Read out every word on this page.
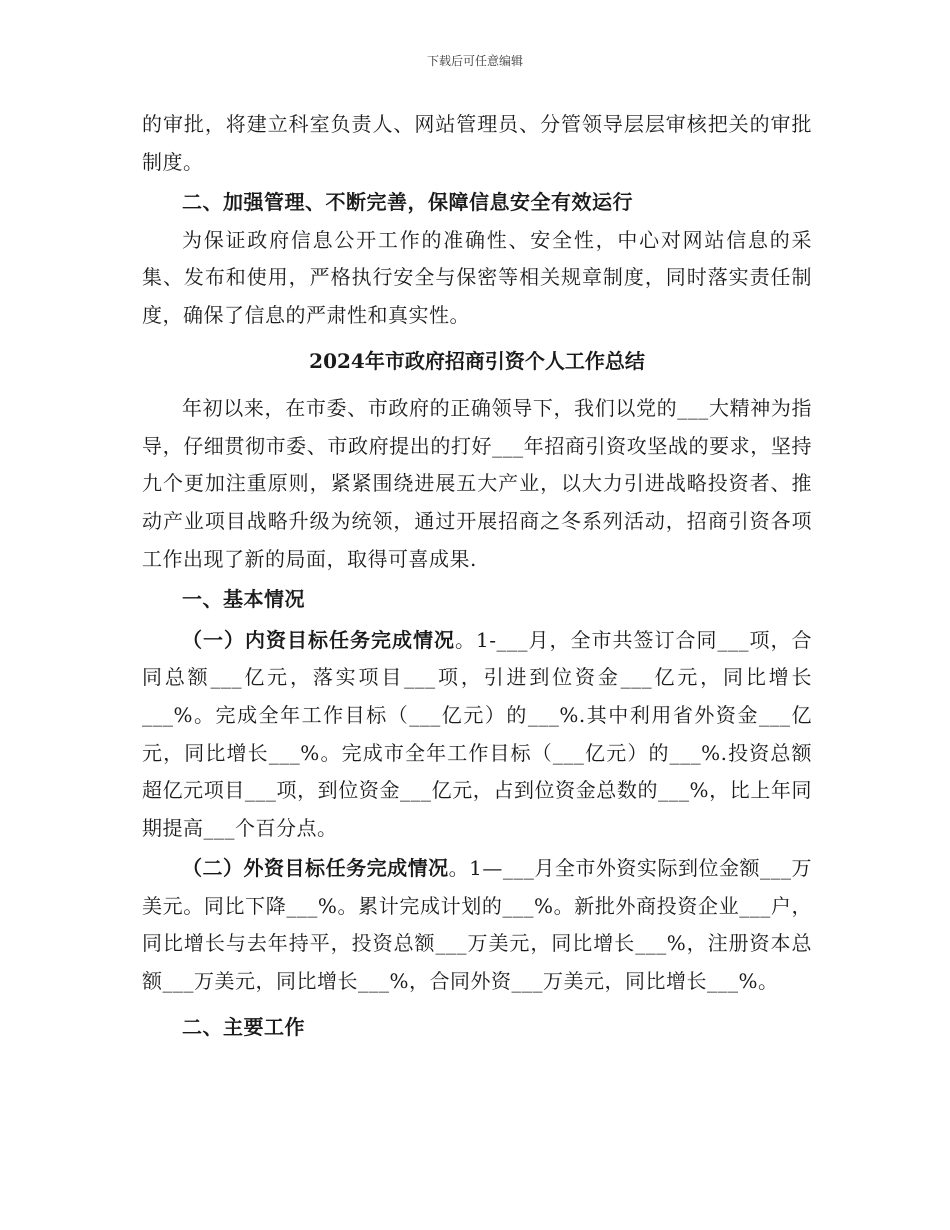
下载后可任意编辑

的审批，将建立科室负责人、网站管理员、分管领导层层审核把关的审批制度。

二、加强管理、不断完善，保障信息安全有效运行

为保证政府信息公开工作的准确性、安全性，中心对网站信息的采集、发布和使用，严格执行安全与保密等相关规章制度，同时落实责任制度，确保了信息的严肃性和真实性。

2024年市政府招商引资个人工作总结

年初以来，在市委、市政府的正确领导下，我们以党的___大精神为指导，仔细贯彻市委、市政府提出的打好___年招商引资攻坚战的要求，坚持九个更加注重原则，紧紧围绕进展五大产业，以大力引进战略投资者、推动产业项目战略升级为统领，通过开展招商之冬系列活动，招商引资各项工作出现了新的局面，取得可喜成果.

一、基本情况

（一）内资目标任务完成情况。1-___月，全市共签订合同___项，合同总额___亿元，落实项目___项，引进到位资金___亿元，同比增长___%。完成全年工作目标（___亿元）的___%.其中利用省外资金___亿元，同比增长___%。完成市全年工作目标（___亿元）的___%.投资总额超亿元项目___项，到位资金___亿元，占到位资金总数的___%，比上年同期提高___个百分点。

（二）外资目标任务完成情况。1—___月全市外资实际到位金额___万美元。同比下降___%。累计完成计划的___%。新批外商投资企业___户，同比增长与去年持平，投资总额___万美元，同比增长___%，注册资本总额___万美元，同比增长___%，合同外资___万美元，同比增长___%。

二、主要工作
